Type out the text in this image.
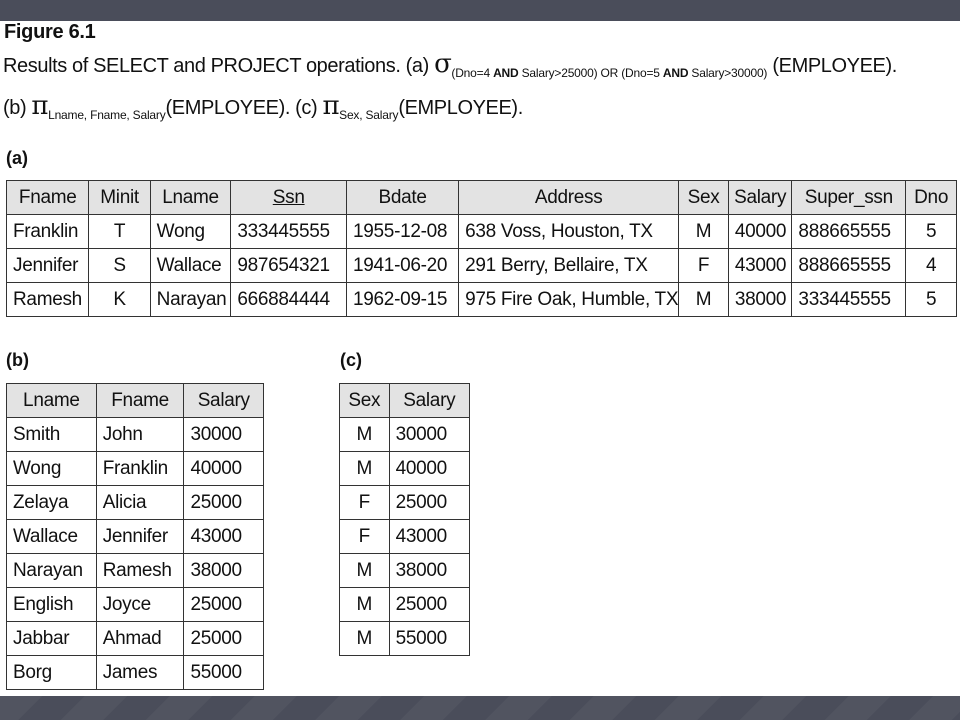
Figure 6.1
Results of SELECT and PROJECT operations. (a) $\sigma_{(Dno=4 AND Salary>25000) OR (Dno=5 AND Salary>30000)}$ (EMPLOYEE).
(b) $\pi_{Lname, Fname, Salary}(EMPLOYEE)$. (c) $\pi_{Sex, Salary}(EMPLOYEE)$.
(a)
Fname	Minit	Lname	Ssn	Bdate	Address	Sex	Salary	Super_ssn	Dno
Franklin	T	Wong	333445555	1955-12-08	638 Voss, Houston, TX	M	40000	888665555	5
Jennifer	S	Wallace	987654321	1941-06-20	291 Berry, Bellaire, TX	F	43000	888665555	4
Ramesh	K	Narayan	666884444	1962-09-15	975 Fire Oak, Humble, TX	M	38000	333445555	5
(b)
Lname	Fname	Salary
Smith	John	30000
Wong	Franklin	40000
Zelaya	Alicia	25000
Wallace	Jennifer	43000
Narayan	Ramesh	38000
English	Joyce	25000
Jabbar	Ahmad	25000
Borg	James	55000
(c)
Sex	Salary
M	30000
M	40000
F	25000
F	43000
M	38000
M	25000
M	55000
